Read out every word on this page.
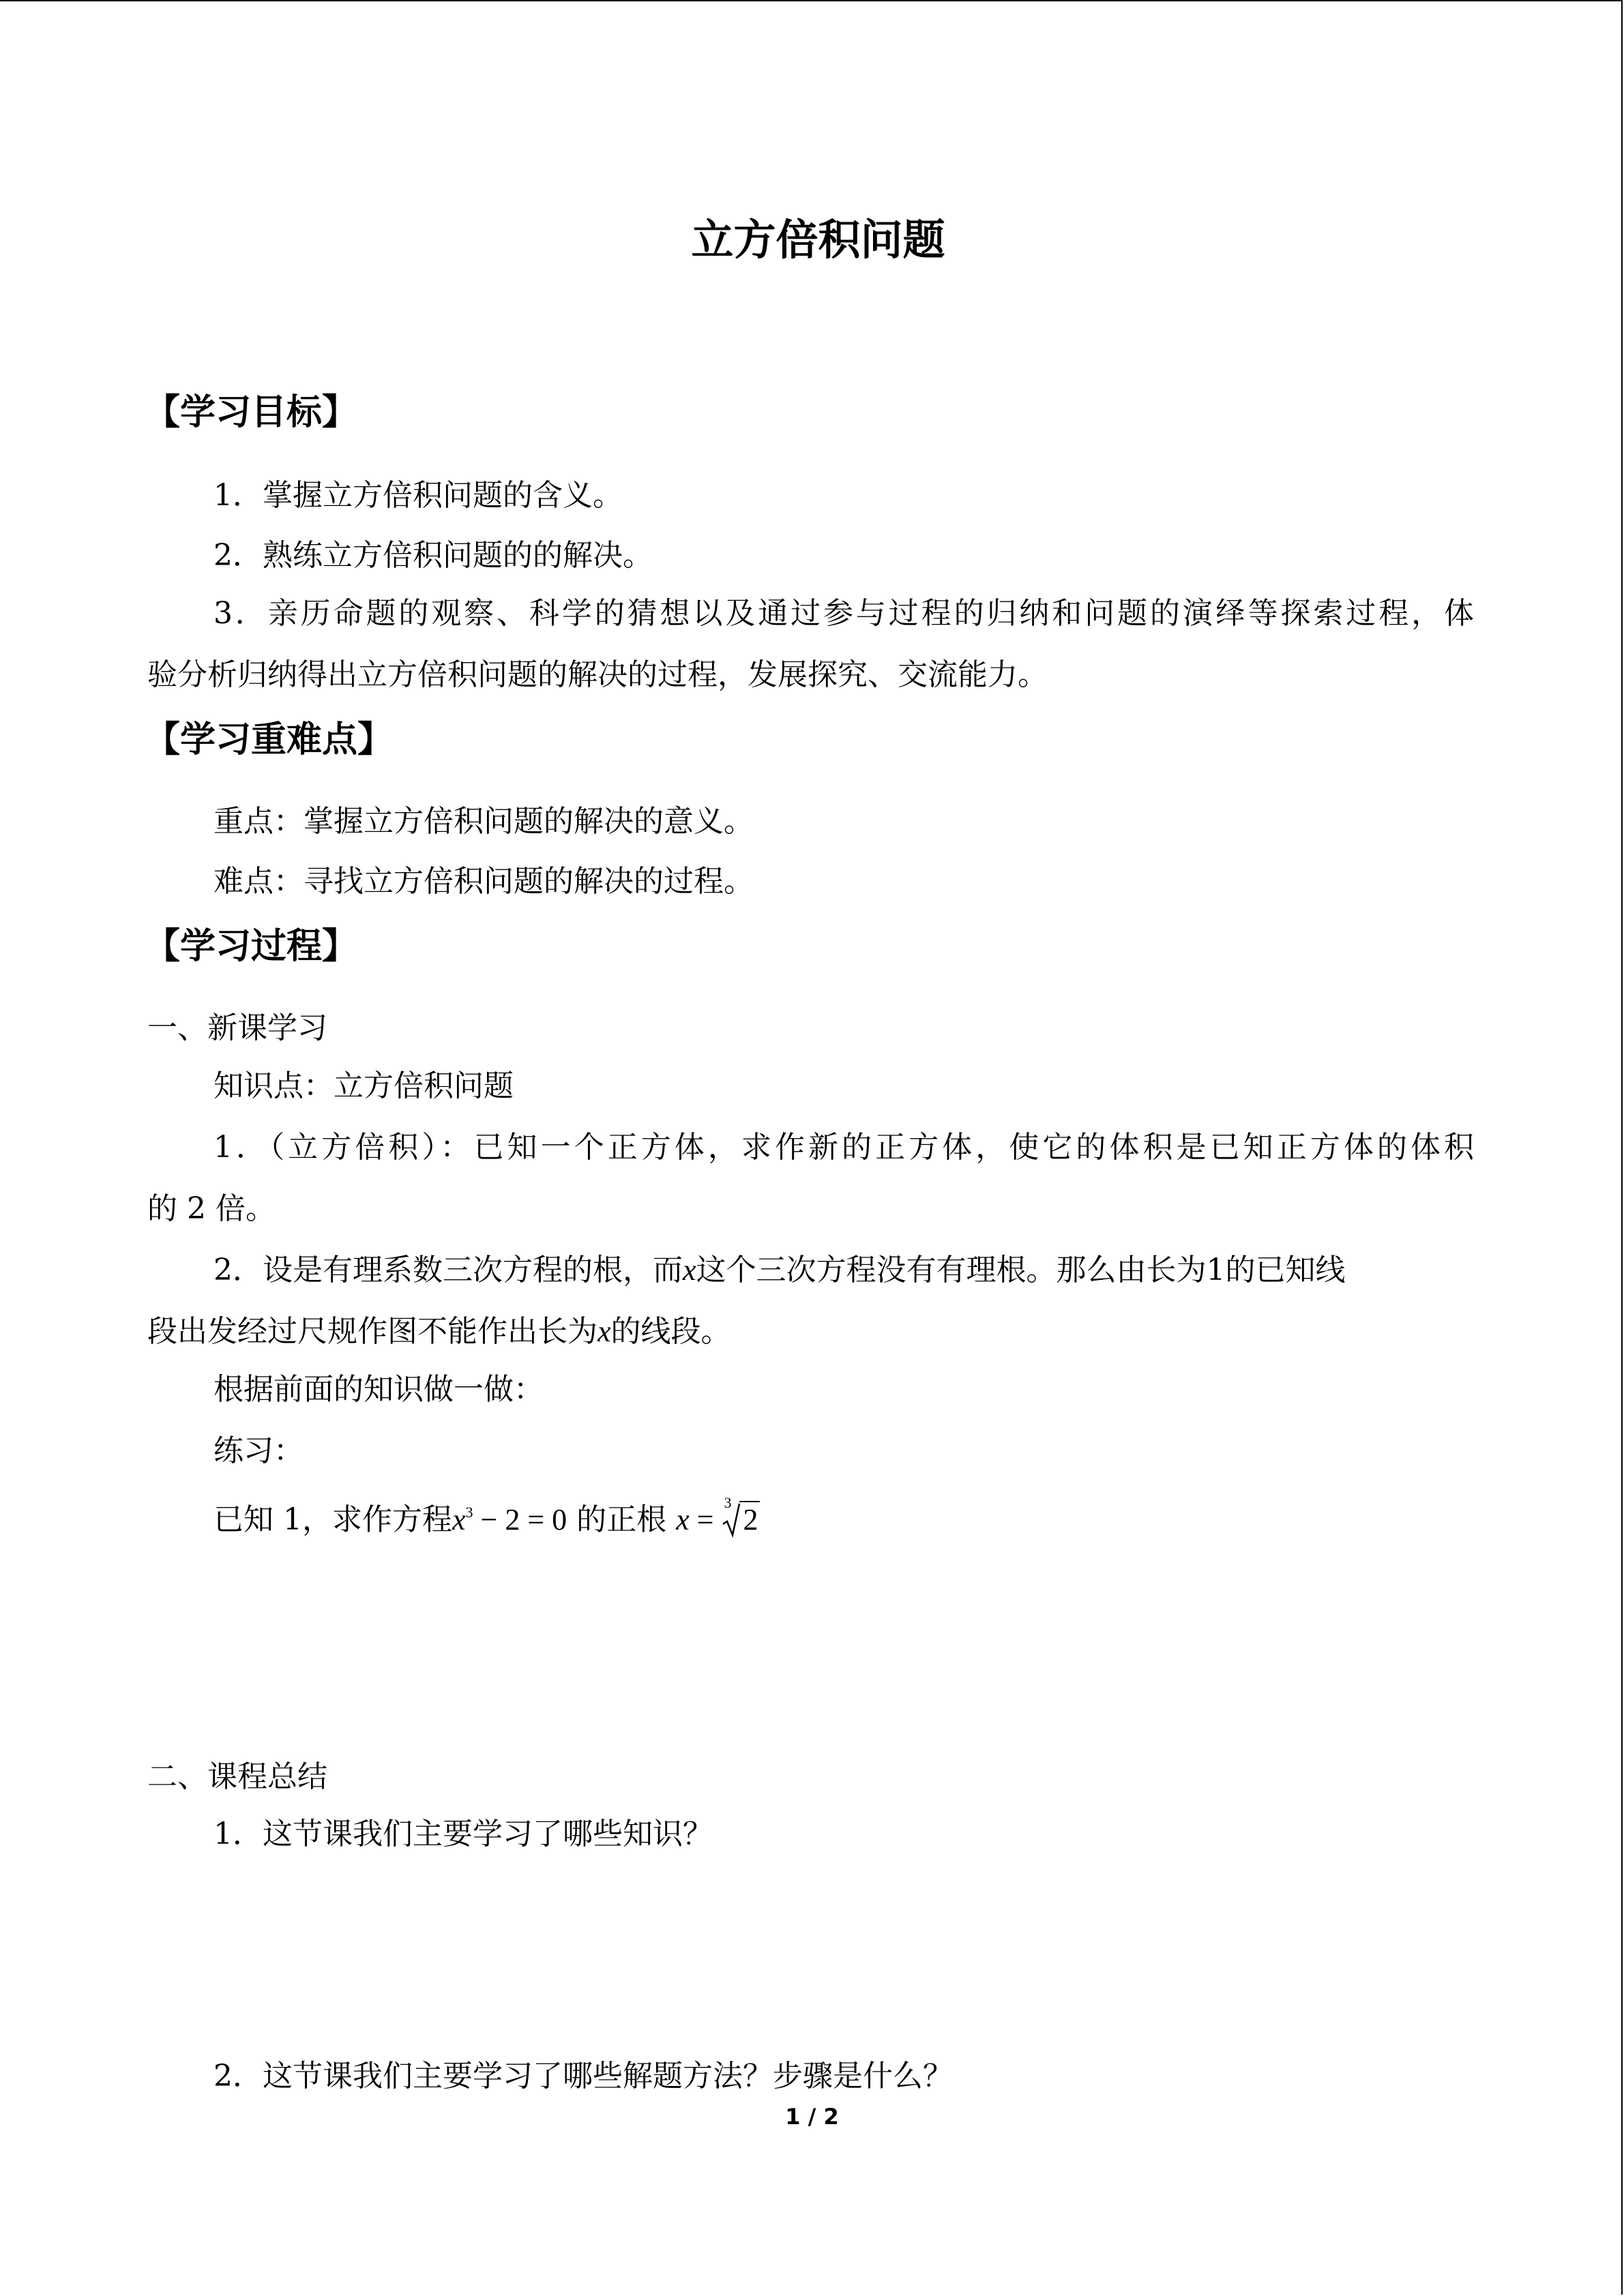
立方倍积问题
【学习目标】
1．掌握立方倍积问题的含义。
2．熟练立方倍积问题的的解决。
3．亲历命题的观察、科学的猜想以及通过参与过程的归纳和问题的演绎等探索过程，体
验分析归纳得出立方倍积问题的解决的过程，发展探究、交流能力。
【学习重难点】
重点：掌握立方倍积问题的解决的意义。
难点：寻找立方倍积问题的解决的过程。
【学习过程】
一、新课学习
知识点：立方倍积问题
1．（立方倍积）：已知一个正方体，求作新的正方体，使它的体积是已知正方体的体积
的 2 倍。
2．设是有理系数三次方程的根，而x这个三次方程没有有理根。那么由长为1的已知线
段出发经过尺规作图不能作出长为x的线段。
根据前面的知识做一做：
练习：
已知 1，求作方程$x^3 - 2 = 0$ 的正根 x =
3
2
二、课程总结
1．这节课我们主要学习了哪些知识？
2．这节课我们主要学习了哪些解题方法？步骤是什么？
1 / 2
